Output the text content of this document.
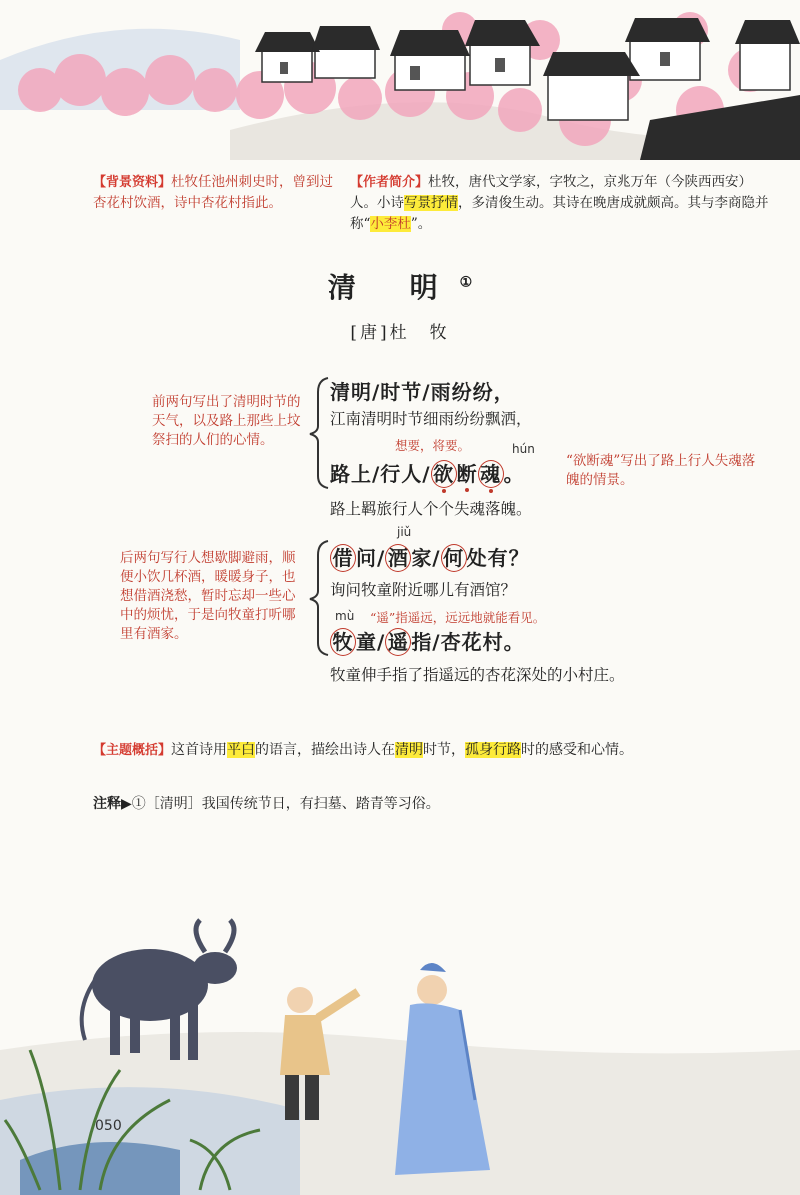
【背景资料】杜牧任池州刺史时，曾到过杏花村饮酒，诗中杏花村指此。
【作者简介】杜牧，唐代文学家，字牧之，京兆万年（今陕西西安）人。小诗写景抒情，多清俊生动。其诗在晚唐成就颇高。其与李商隐并称“小李杜”。
清 明①
[唐]杜　牧
前两句写出了清明时节的天气，以及路上那些上坟祭扫的人们的心情。
后两句写行人想歇脚避雨，顺便小饮几杯酒，暖暖身子，也想借酒浇愁，暂时忘却一些心中的烦忧，于是向牧童打听哪里有酒家。
清明/时节/雨纷纷，
江南清明时节细雨纷纷飘洒，
想要，将要。	hún
路上/行人/ 欲 断 魂 。
“欲断魂”写出了路上行人失魂落魄的情景。
路上羁旅行人个个失魂落魄。
jiǔ
借 问/ 酒 家/ 何 处有？
询问牧童附近哪儿有酒馆？
mù “遥”指遥远，远远地就能看见。
牧 童/ 遥 指/杏花村。
牧童伸手指了指遥远的杏花深处的小村庄。
【主题概括】这首诗用平白的语言，描绘出诗人在清明时节，孤身行路时的感受和心情。
注释▶①［清明］我国传统节日，有扫墓、踏青等习俗。
050
